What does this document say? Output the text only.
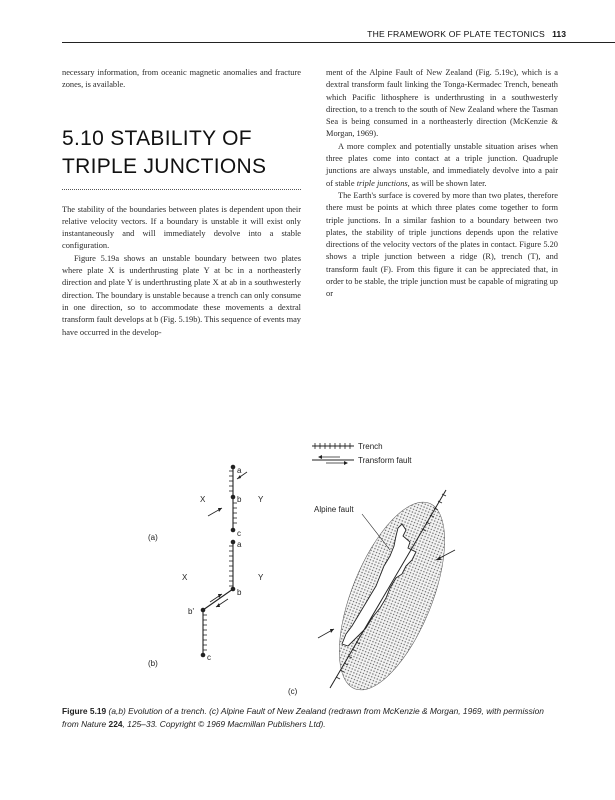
THE FRAMEWORK OF PLATE TECTONICS 113

necessary information, from oceanic magnetic anomalies and fracture zones, is available.

5.10 STABILITY OF
TRIPLE JUNCTIONS

The stability of the boundaries between plates is dependent upon their relative velocity vectors. If a boundary is unstable it will exist only instantaneously and will immediately devolve into a stable configuration.

Figure 5.19a shows an unstable boundary between two plates where plate X is underthrusting plate Y at bc in a northeasterly direction and plate Y is underthrusting plate X at ab in a southwesterly direction. The boundary is unstable because a trench can only consume in one direction, so to accommodate these movements a dextral transform fault develops at b (Fig. 5.19b). This sequence of events may have occurred in the develop-

ment of the Alpine Fault of New Zealand (Fig. 5.19c), which is a dextral transform fault linking the Tonga-Kermadec Trench, beneath which Pacific lithosphere is underthrusting in a southwesterly direction, to a trench to the south of New Zealand where the Tasman Sea is being consumed in a northeasterly direction (McKenzie & Morgan, 1969).

A more complex and potentially unstable situation arises when three plates come into contact at a triple junction. Quadruple junctions are always unstable, and immediately devolve into a pair of stable triple junctions, as will be shown later.

The Earth's surface is covered by more than two plates, therefore there must be points at which three plates come together to form triple junctions. In a similar fashion to a boundary between two plates, the stability of triple junctions depends upon the relative directions of the velocity vectors of the plates in contact. Figure 5.20 shows a triple junction between a ridge (R), trench (T), and transform fault (F). From this figure it can be appreciated that, in order to be stable, the triple junction must be capable of migrating up or

a
b
c
X	Y
(a)
a
b
b'
c
X	Y
(b)
Trench
Transform fault
Alpine fault
(c)
Figure 5.19 (a,b) Evolution of a trench. (c) Alpine Fault of New Zealand (redrawn from McKenzie & Morgan, 1969, with permission from Nature 224, 125–33. Copyright © 1969 Macmillan Publishers Ltd).
